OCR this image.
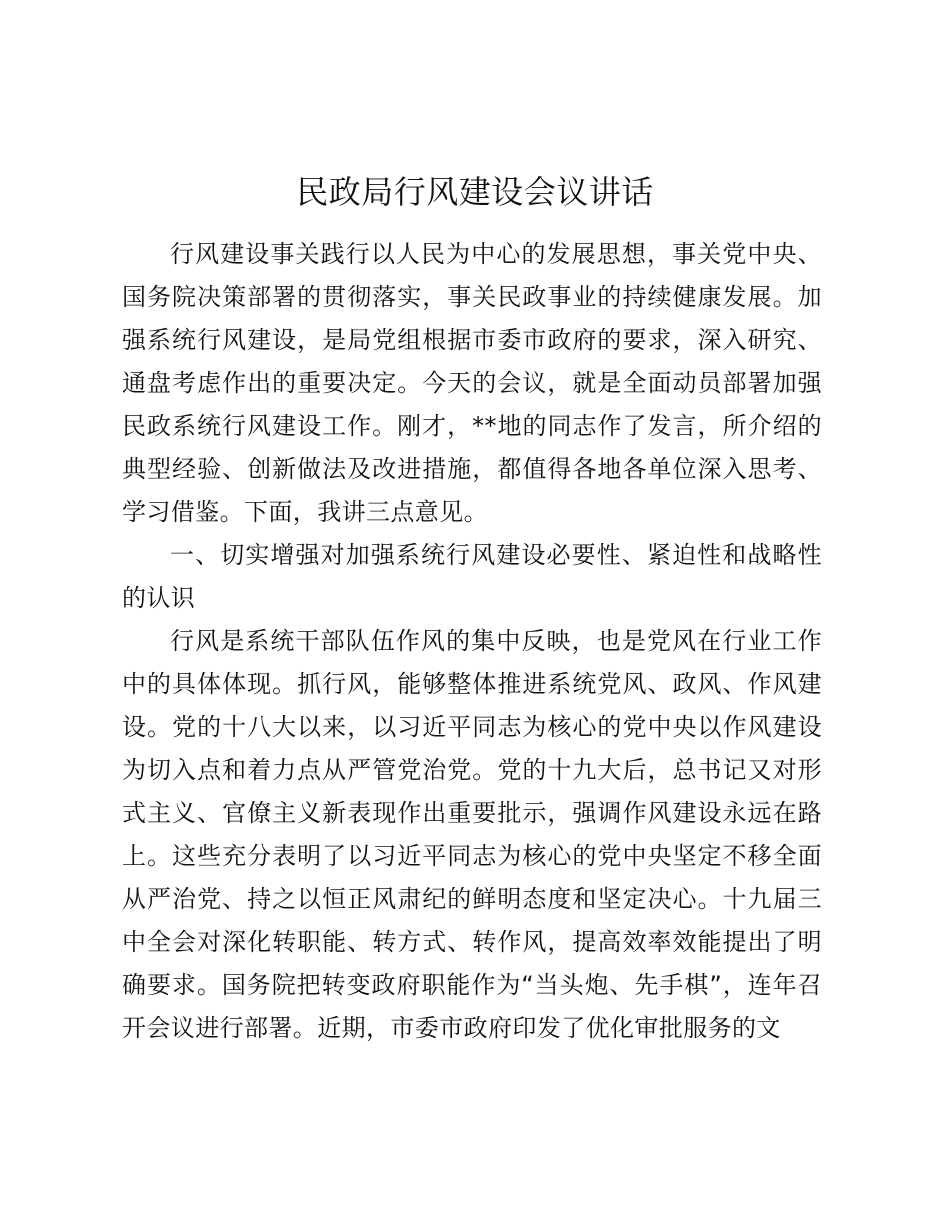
民政局行风建设会议讲话

行风建设事关践行以人民为中心的发展思想，事关党中央、国务院决策部署的贯彻落实，事关民政事业的持续健康发展。加强系统行风建设，是局党组根据市委市政府的要求，深入研究、通盘考虑作出的重要决定。今天的会议，就是全面动员部署加强民政系统行风建设工作。刚才，**地的同志作了发言，所介绍的典型经验、创新做法及改进措施，都值得各地各单位深入思考、学习借鉴。下面，我讲三点意见。

一、切实增强对加强系统行风建设必要性、紧迫性和战略性的认识

行风是系统干部队伍作风的集中反映，也是党风在行业工作中的具体体现。抓行风，能够整体推进系统党风、政风、作风建设。党的十八大以来，以习近平同志为核心的党中央以作风建设为切入点和着力点从严管党治党。党的十九大后，总书记又对形式主义、官僚主义新表现作出重要批示，强调作风建设永远在路上。这些充分表明了以习近平同志为核心的党中央坚定不移全面从严治党、持之以恒正风肃纪的鲜明态度和坚定决心。十九届三中全会对深化转职能、转方式、转作风，提高效率效能提出了明确要求。国务院把转变政府职能作为“当头炮、先手棋”，连年召开会议进行部署。近期，市委市政府印发了优化审批服务的文
